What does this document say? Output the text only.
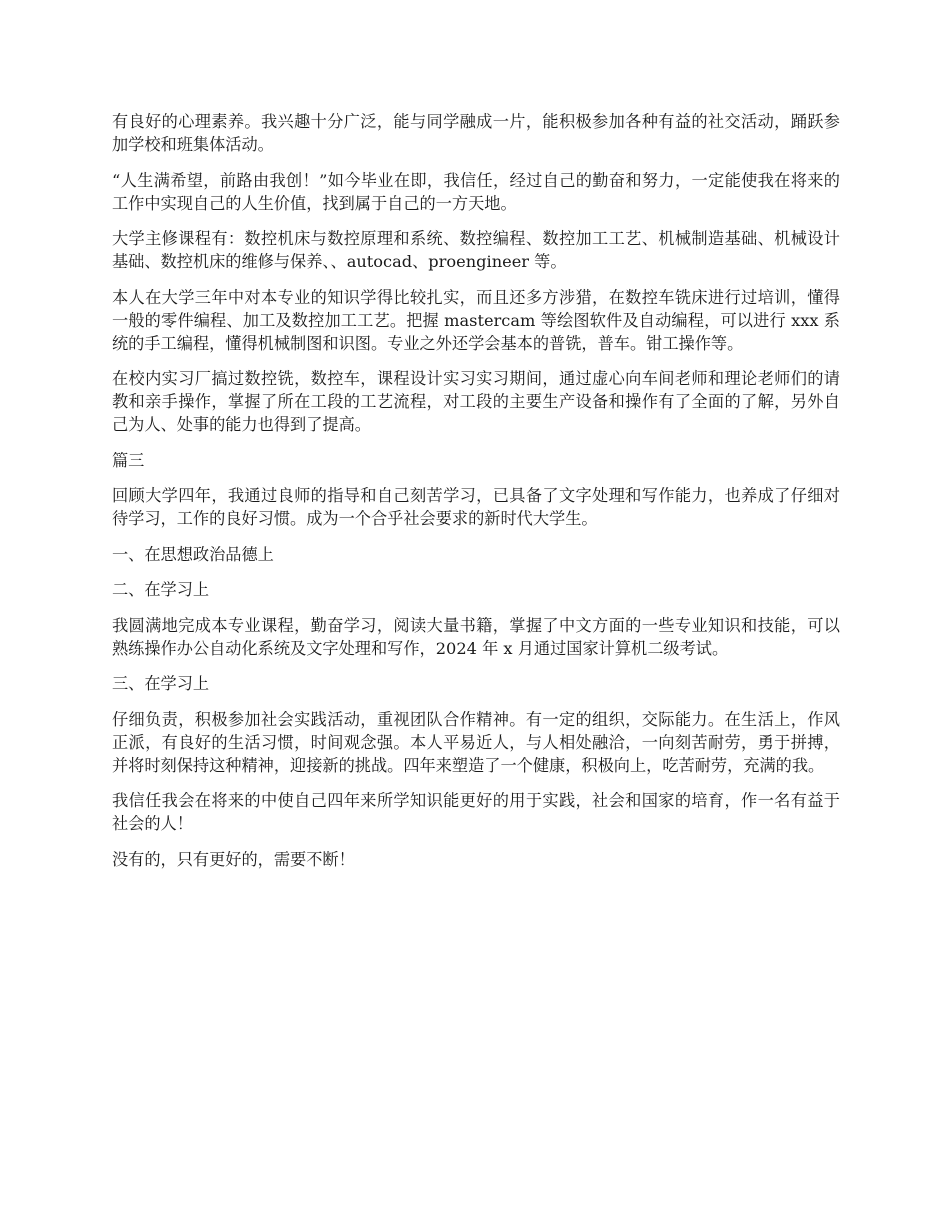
有良好的心理素养。我兴趣十分广泛，能与同学融成一片，能积极参加各种有益的社交活动，踊跃参加学校和班集体活动。

“人生满希望，前路由我创！”如今毕业在即，我信任，经过自己的勤奋和努力，一定能使我在将来的工作中实现自己的人生价值，找到属于自己的一方天地。

大学主修课程有：数控机床与数控原理和系统、数控编程、数控加工工艺、机械制造基础、机械设计基础、数控机床的维修与保养、、autocad、proengineer 等。

本人在大学三年中对本专业的知识学得比较扎实，而且还多方涉猎，在数控车铣床进行过培训，懂得一般的零件编程、加工及数控加工工艺。把握 mastercam 等绘图软件及自动编程，可以进行 xxx 系统的手工编程，懂得机械制图和识图。专业之外还学会基本的普铣，普车。钳工操作等。

在校内实习厂搞过数控铣，数控车，课程设计实习实习期间，通过虚心向车间老师和理论老师们的请教和亲手操作，掌握了所在工段的工艺流程，对工段的主要生产设备和操作有了全面的了解，另外自己为人、处事的能力也得到了提高。

篇三

回顾大学四年，我通过良师的指导和自己刻苦学习，已具备了文字处理和写作能力，也养成了仔细对待学习，工作的良好习惯。成为一个合乎社会要求的新时代大学生。

一、在思想政治品德上

二、在学习上

我圆满地完成本专业课程，勤奋学习，阅读大量书籍，掌握了中文方面的一些专业知识和技能，可以熟练操作办公自动化系统及文字处理和写作，2024 年 x 月通过国家计算机二级考试。

三、在学习上

仔细负责，积极参加社会实践活动，重视团队合作精神。有一定的组织，交际能力。在生活上，作风正派，有良好的生活习惯，时间观念强。本人平易近人，与人相处融洽，一向刻苦耐劳，勇于拼搏，并将时刻保持这种精神，迎接新的挑战。四年来塑造了一个健康，积极向上，吃苦耐劳，充满的我。

我信任我会在将来的中使自己四年来所学知识能更好的用于实践，社会和国家的培育，作一名有益于社会的人！

没有的，只有更好的，需要不断！
